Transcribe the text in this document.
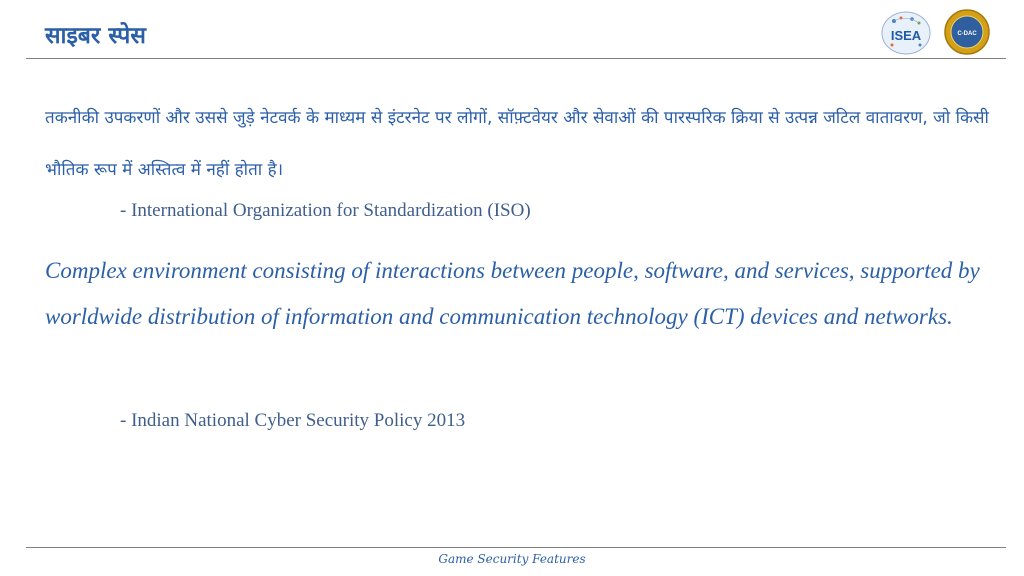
साइबर स्पेस	ISEA	C-DAC
तकनीकी उपकरणों और उससे जुड़े नेटवर्क के माध्यम से इंटरनेट पर लोगों, सॉफ़्टवेयर और सेवाओं की पारस्परिक क्रिया से उत्पन्न जटिल वातावरण, जो किसी भौतिक रूप में अस्तित्व में नहीं होता है।
- International Organization for Standardization (ISO)
Complex environment consisting of interactions between people, software, and services, supported by worldwide distribution of information and communication technology (ICT) devices and networks.
- Indian National Cyber Security Policy 2013
Game Security Features
